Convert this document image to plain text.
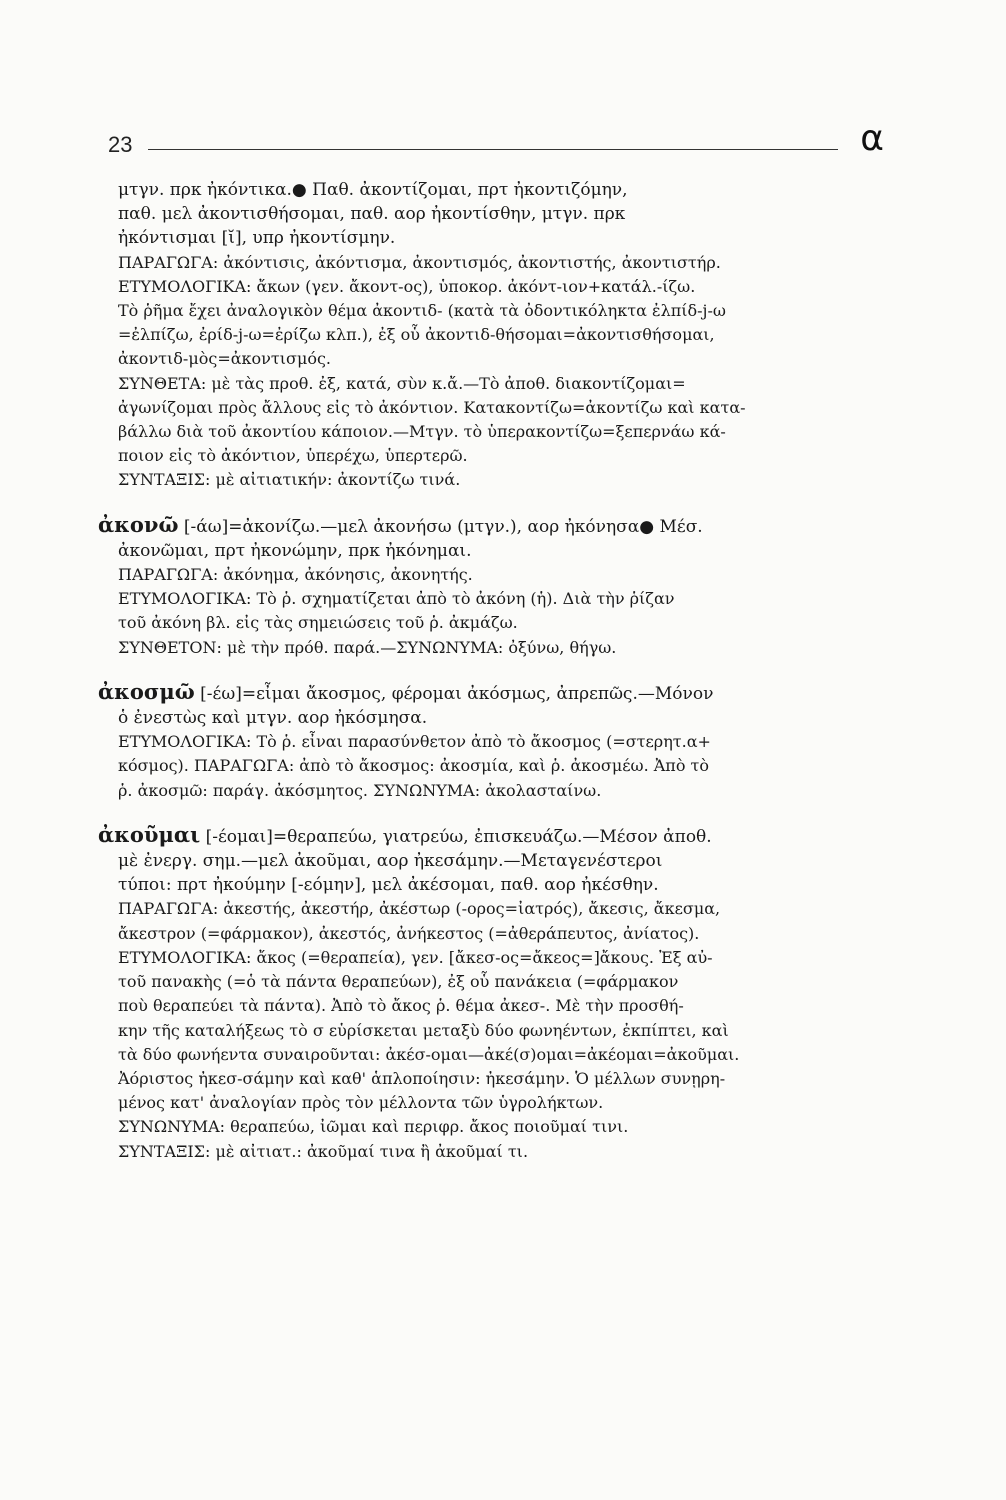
23	α
μτγν. πρκ ἠκόντικα.● Παθ. ἀκοντίζομαι, πρτ ἠκοντιζόμην,
παθ. μελ ἀκοντισθήσομαι, παθ. αορ ἠκοντίσθην, μτγν. πρκ
ἠκόντισμαι [ῐ], υπρ ἠκοντίσμην.
ΠΑΡΑΓΩΓΑ: ἀκόντισις, ἀκόντισμα, ἀκοντισμός, ἀκοντιστής, ἀκοντιστήρ.
ΕΤΥΜΟΛΟΓΙΚΑ: ἄκων (γεν. ἄκοντ-ος), ὑποκορ. ἀκόντ-ιον+κατάλ.-ίζω.
Τὸ ῥῆμα ἔχει ἀναλογικὸν θέμα ἀκοντιδ- (κατὰ τὰ ὀδοντικόληκτα ἐλπίδ-j-ω
=ἐλπίζω, ἐρίδ-j-ω=ἐρίζω κλπ.), ἐξ οὗ ἀκοντιδ-θήσομαι=ἀκοντισθήσομαι,
ἀκοντιδ-μὸς=ἀκοντισμός.
ΣΥΝΘΕΤΑ: μὲ τὰς προθ. ἐξ, κατά, σὺν κ.ἄ.—Τὸ ἀποθ. διακοντίζομαι=
ἀγωνίζομαι πρὸς ἄλλους εἰς τὸ ἀκόντιον. Κατακοντίζω=ἀκοντίζω καὶ κατα-
βάλλω διὰ τοῦ ἀκοντίου κάποιον.—Μτγν. τὸ ὑπερακοντίζω=ξεπερνάω κά-
ποιον εἰς τὸ ἀκόντιον, ὑπερέχω, ὑπερτερῶ.
ΣΥΝΤΑΞΙΣ: μὲ αἰτιατικήν: ἀκοντίζω τινά.
ἀκονῶ [-άω]=ἀκονίζω.—μελ ἀκονήσω (μτγν.), αορ ἠκόνησα● Μέσ.
ἀκονῶμαι, πρτ ἠκονώμην, πρκ ἠκόνημαι.
ΠΑΡΑΓΩΓΑ: ἀκόνημα, ἀκόνησις, ἀκονητής.
ΕΤΥΜΟΛΟΓΙΚΑ: Τὸ ῥ. σχηματίζεται ἀπὸ τὸ ἀκόνη (ἡ). Διὰ τὴν ῥίζαν
τοῦ ἀκόνη βλ. εἰς τὰς σημειώσεις τοῦ ῥ. ἀκμάζω.
ΣΥΝΘΕΤΟΝ: μὲ τὴν πρόθ. παρά.—ΣΥΝΩΝΥΜΑ: ὀξύνω, θήγω.
ἀκοσμῶ [-έω]=εἶμαι ἄκοσμος, φέρομαι ἀκόσμως, ἀπρεπῶς.—Μόνον
ὁ ἐνεστὼς καὶ μτγν. αορ ἠκόσμησα.
ΕΤΥΜΟΛΟΓΙΚΑ: Τὸ ῥ. εἶναι παρασύνθετον ἀπὸ τὸ ἄκοσμος (=στερητ.α+
κόσμος). ΠΑΡΑΓΩΓΑ: ἀπὸ τὸ ἄκοσμος: ἀκοσμία, καὶ ῥ. ἀκοσμέω. Ἀπὸ τὸ
ῥ. ἀκοσμῶ: παράγ. ἀκόσμητος. ΣΥΝΩΝΥΜΑ: ἀκολασταίνω.
ἀκοῦμαι [-έομαι]=θεραπεύω, γιατρεύω, ἐπισκευάζω.—Μέσον ἀποθ.
μὲ ἐνεργ. σημ.—μελ ἀκοῦμαι, αορ ἠκεσάμην.—Μεταγενέστεροι
τύποι: πρτ ἠκούμην [-εόμην], μελ ἀκέσομαι, παθ. αορ ἠκέσθην.
ΠΑΡΑΓΩΓΑ: ἀκεστής, ἀκεστήρ, ἀκέστωρ (-ορος=ἰατρός), ἄκεσις, ἄκεσμα,
ἄκεστρον (=φάρμακον), ἀκεστός, ἀνήκεστος (=ἀθεράπευτος, ἀνίατος).
ΕΤΥΜΟΛΟΓΙΚΑ: ἄκος (=θεραπεία), γεν. [ἄκεσ-ος=ἄκεος=]ἄκους. Ἐξ αὐ-
τοῦ πανακὴς (=ὁ τὰ πάντα θεραπεύων), ἐξ οὗ πανάκεια (=φάρμακον
ποὺ θεραπεύει τὰ πάντα). Ἀπὸ τὸ ἄκος ῥ. θέμα ἀκεσ-. Μὲ τὴν προσθή-
κην τῆς καταλήξεως τὸ σ εὑρίσκεται μεταξὺ δύο φωνηέντων, ἐκπίπτει, καὶ
τὰ δύο φωνήεντα συναιροῦνται: ἀκέσ-ομαι—ἀκέ(σ)ομαι=ἀκέομαι=ἀκοῦμαι.
Ἀόριστος ἠκεσ-σάμην καὶ καθ' ἁπλοποίησιν: ἠκεσάμην. Ὁ μέλλων συνῃρη-
μένος κατ' ἀναλογίαν πρὸς τὸν μέλλοντα τῶν ὑγρολήκτων.
ΣΥΝΩΝΥΜΑ: θεραπεύω, ἰῶμαι καὶ περιφρ. ἄκος ποιοῦμαί τινι.
ΣΥΝΤΑΞΙΣ: μὲ αἰτιατ.: ἀκοῦμαί τινα ἢ ἀκοῦμαί τι.
